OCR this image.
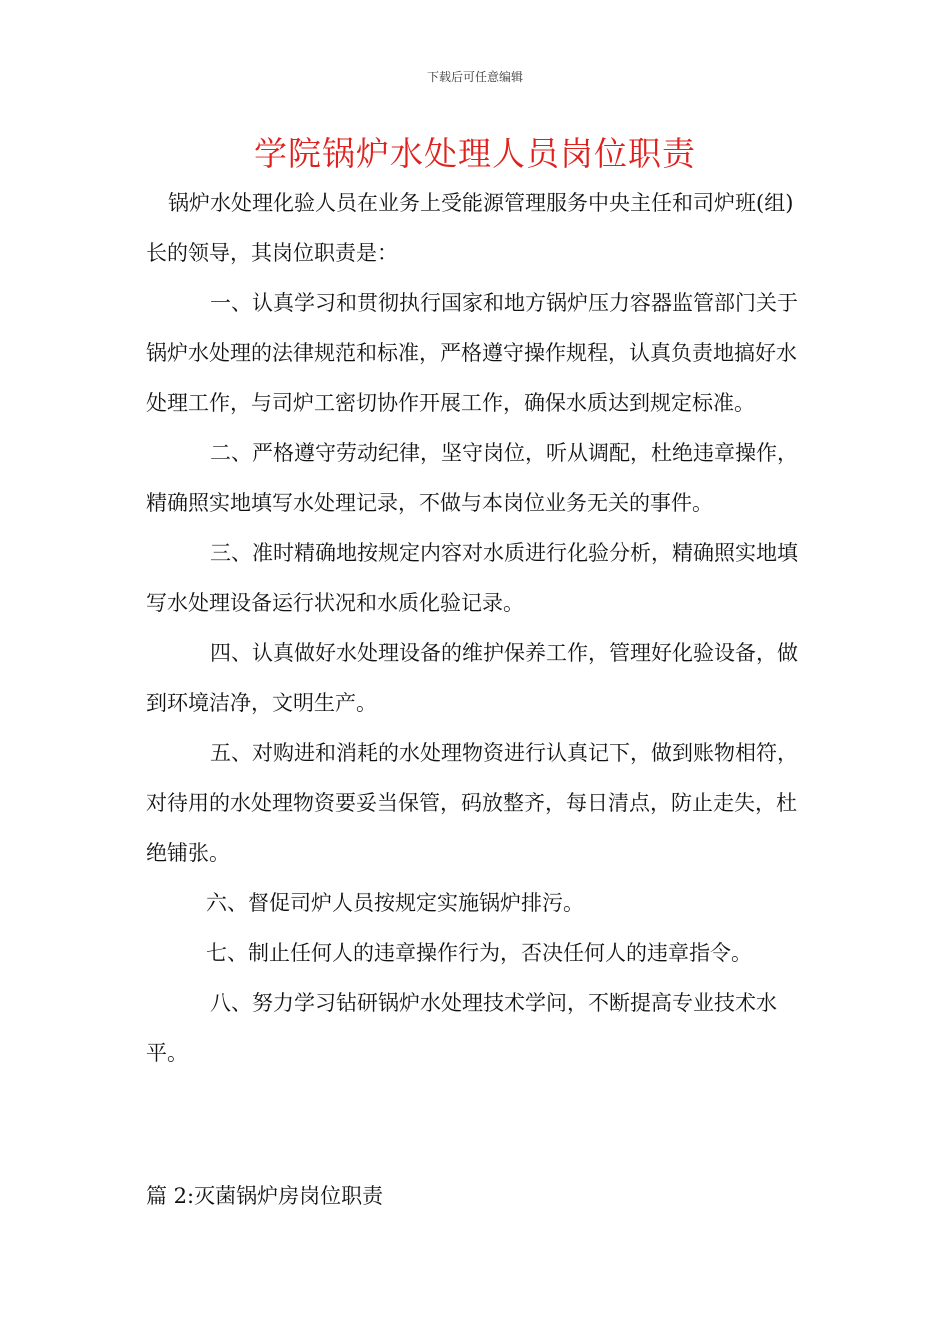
下载后可任意编辑
学院锅炉水处理人员岗位职责

锅炉水处理化验人员在业务上受能源管理服务中央主任和司炉班(组)长的领导，其岗位职责是：

一、认真学习和贯彻执行国家和地方锅炉压力容器监管部门关于锅炉水处理的法律规范和标准，严格遵守操作规程，认真负责地搞好水处理工作，与司炉工密切协作开展工作，确保水质达到规定标准。

二、严格遵守劳动纪律，坚守岗位，听从调配，杜绝违章操作，精确照实地填写水处理记录，不做与本岗位业务无关的事件。

三、准时精确地按规定内容对水质进行化验分析，精确照实地填写水处理设备运行状况和水质化验记录。

四、认真做好水处理设备的维护保养工作，管理好化验设备，做到环境洁净，文明生产。

五、对购进和消耗的水处理物资进行认真记下，做到账物相符，对待用的水处理物资要妥当保管，码放整齐，每日清点，防止走失，杜绝铺张。

六、督促司炉人员按规定实施锅炉排污。

七、制止任何人的违章操作行为，否决任何人的违章指令。

八、努力学习钻研锅炉水处理技术学问，不断提高专业技术水平。

篇 2:灭菌锅炉房岗位职责
